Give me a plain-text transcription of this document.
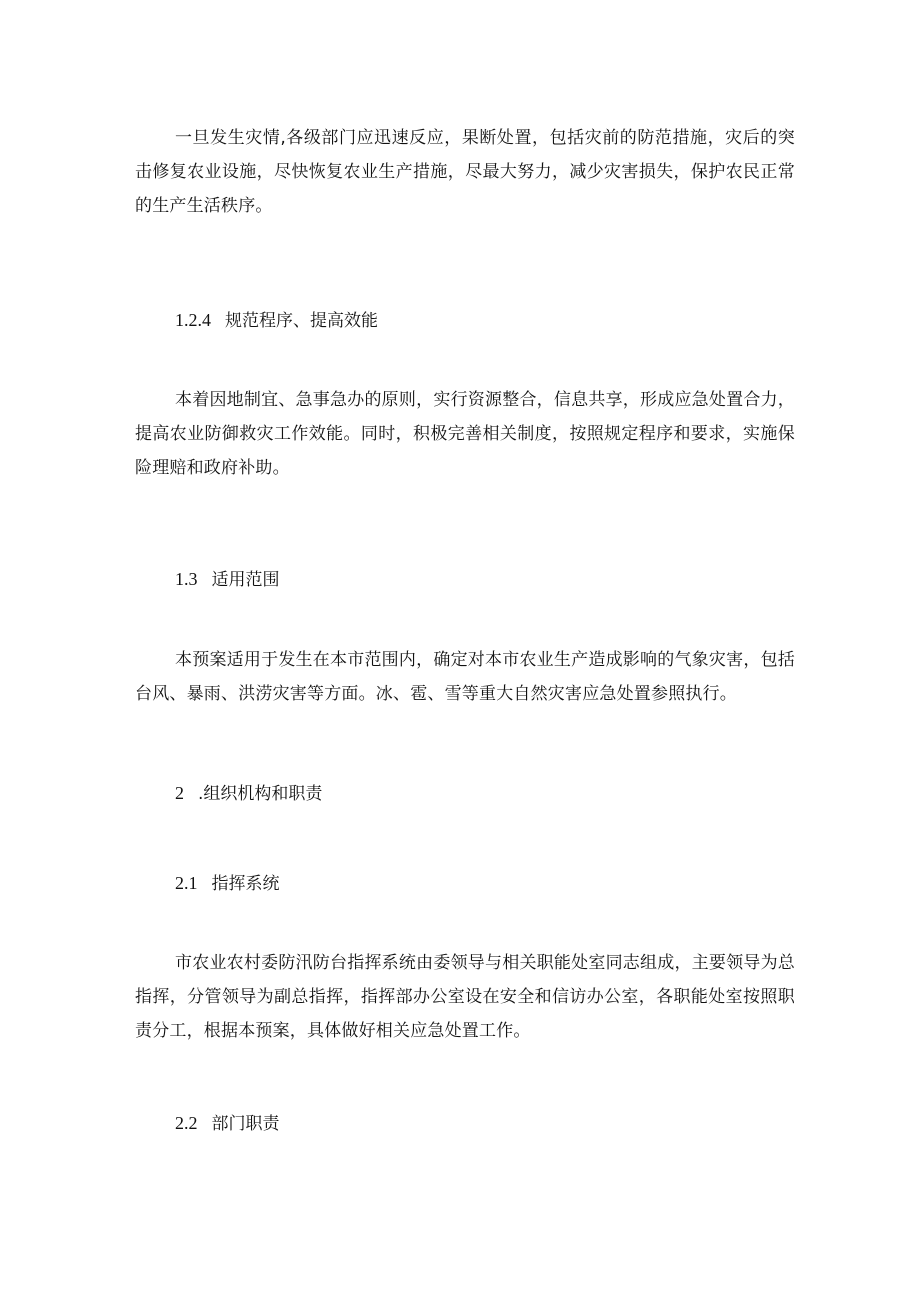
一旦发生灾情,各级部门应迅速反应，果断处置，包括灾前的防范措施，灾后的突击修复农业设施，尽快恢复农业生产措施，尽最大努力，减少灾害损失，保护农民正常的生产生活秩序。

1.2.4 规范程序、提高效能

本着因地制宜、急事急办的原则，实行资源整合，信息共享，形成应急处置合力，提高农业防御救灾工作效能。同时，积极完善相关制度，按照规定程序和要求，实施保险理赔和政府补助。

1.3 适用范围

本预案适用于发生在本市范围内，确定对本市农业生产造成影响的气象灾害，包括台风、暴雨、洪涝灾害等方面。冰、雹、雪等重大自然灾害应急处置参照执行。

2 .组织机构和职责
2.1 指挥系统

市农业农村委防汛防台指挥系统由委领导与相关职能处室同志组成，主要领导为总指挥，分管领导为副总指挥，指挥部办公室设在安全和信访办公室，各职能处室按照职责分工，根据本预案，具体做好相关应急处置工作。

2.2 部门职责
